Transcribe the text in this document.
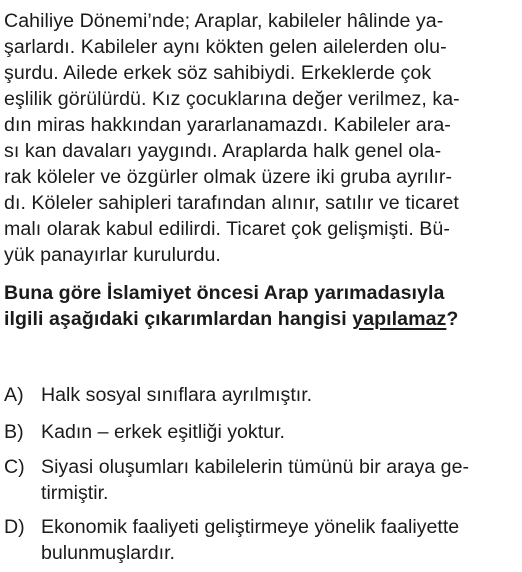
Cahiliye Dönemi’nde; Araplar, kabileler hâlinde ya-
şarlardı. Kabileler aynı kökten gelen ailelerden olu-
şurdu. Ailede erkek söz sahibiydi. Erkeklerde çok
eşlilik görülürdü. Kız çocuklarına değer verilmez, ka-
dın miras hakkından yararlanamazdı. Kabileler ara-
sı kan davaları yaygındı. Araplarda halk genel ola-
rak köleler ve özgürler olmak üzere iki gruba ayrılır-
dı. Köleler sahipleri tarafından alınır, satılır ve ticaret
malı olarak kabul edilirdi. Ticaret çok gelişmişti. Bü-
yük panayırlar kurulurdu.
Buna göre İslamiyet öncesi Arap yarımadasıyla
ilgili aşağıdaki çıkarımlardan hangisi yapılamaz?
A) Halk sosyal sınıflara ayrılmıştır.
B) Kadın – erkek eşitliği yoktur.
C) Siyasi oluşumları kabilelerin tümünü bir araya ge-
tirmiştir.
D) Ekonomik faaliyeti geliştirmeye yönelik faaliyette
bulunmuşlardır.
